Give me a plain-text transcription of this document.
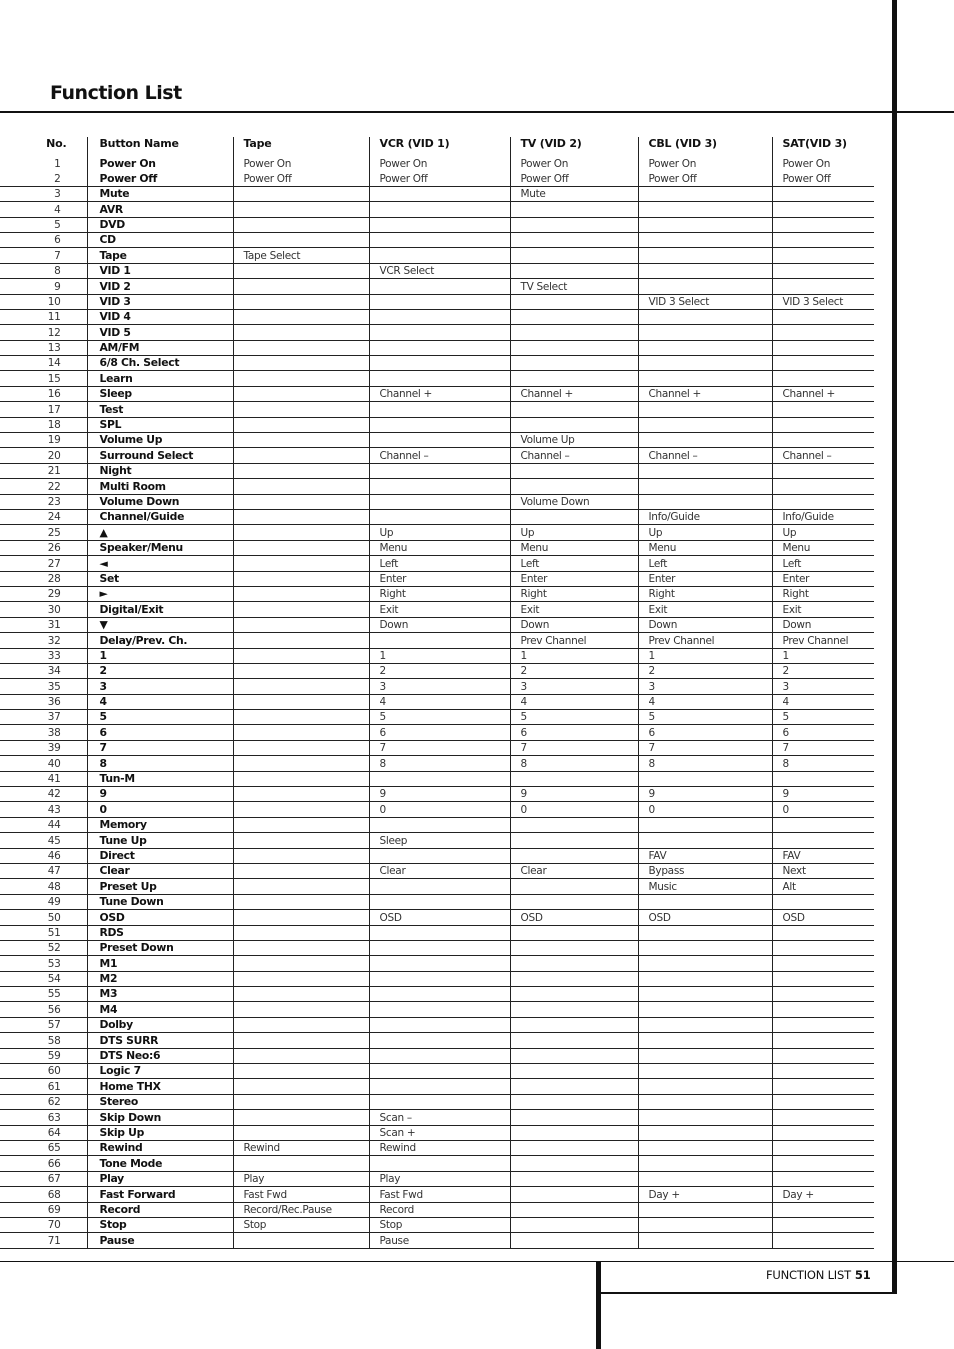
Function List
No.	Button Name	Tape	VCR (VID 1)	TV (VID 2)	CBL (VID 3)	SAT(VID 3)
1	Power On	Power On	Power On	Power On	Power On	Power On
2	Power Off	Power Off	Power Off	Power Off	Power Off	Power Off
3	Mute			Mute		
4	AVR					
5	DVD					
6	CD					
7	Tape	Tape Select				
8	VID 1		VCR Select			
9	VID 2			TV Select		
10	VID 3				VID 3 Select	VID 3 Select
11	VID 4					
12	VID 5					
13	AM/FM					
14	6/8 Ch. Select					
15	Learn					
16	Sleep		Channel +	Channel +	Channel +	Channel +
17	Test					
18	SPL					
19	Volume Up			Volume Up		
20	Surround Select		Channel –	Channel –	Channel –	Channel –
21	Night					
22	Multi Room					
23	Volume Down			Volume Down		
24	Channel/Guide				Info/Guide	Info/Guide
25	▲		Up	Up	Up	Up
26	Speaker/Menu		Menu	Menu	Menu	Menu
27	◄		Left	Left	Left	Left
28	Set		Enter	Enter	Enter	Enter
29	►		Right	Right	Right	Right
30	Digital/Exit		Exit	Exit	Exit	Exit
31	▼		Down	Down	Down	Down
32	Delay/Prev. Ch.			Prev Channel	Prev Channel	Prev Channel
33	1		1	1	1	1
34	2		2	2	2	2
35	3		3	3	3	3
36	4		4	4	4	4
37	5		5	5	5	5
38	6		6	6	6	6
39	7		7	7	7	7
40	8		8	8	8	8
41	Tun-M					
42	9		9	9	9	9
43	0		0	0	0	0
44	Memory					
45	Tune Up		Sleep			
46	Direct				FAV	FAV
47	Clear		Clear	Clear	Bypass	Next
48	Preset Up				Music	Alt
49	Tune Down					
50	OSD		OSD	OSD	OSD	OSD
51	RDS					
52	Preset Down					
53	M1					
54	M2					
55	M3					
56	M4					
57	Dolby					
58	DTS SURR					
59	DTS Neo:6					
60	Logic 7					
61	Home THX					
62	Stereo					
63	Skip Down		Scan –			
64	Skip Up		Scan +			
65	Rewind	Rewind	Rewind			
66	Tone Mode					
67	Play	Play	Play			
68	Fast Forward	Fast Fwd	Fast Fwd		Day +	Day +
69	Record	Record/Rec.Pause	Record			
70	Stop	Stop	Stop			
71	Pause		Pause			
FUNCTION LIST 51
